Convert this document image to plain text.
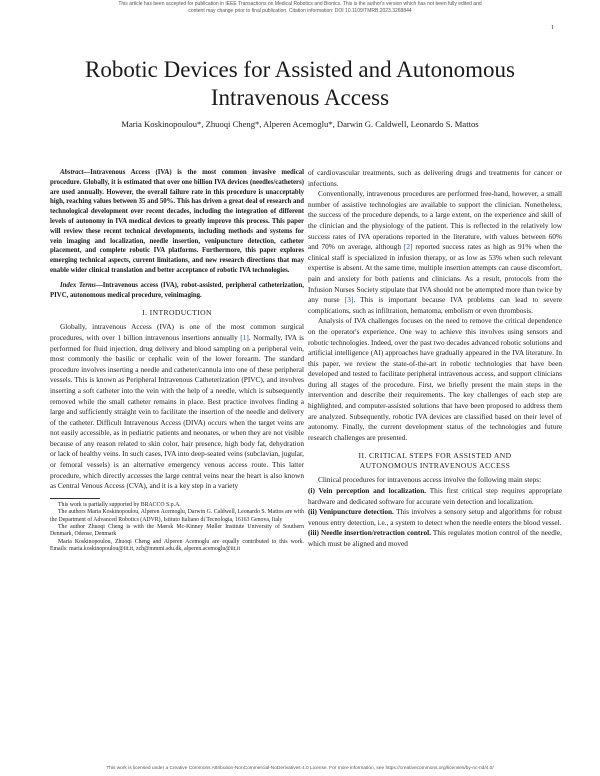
This article has been accepted for publication in IEEE Transactions on Medical Robotics and Bionics. This is the author's version which has not been fully edited and
content may change prior to final publication. Citation information: DOI 10.1109/TMRB.2023.3268844
1
Robotic Devices for Assisted and Autonomous
Intravenous Access
Maria Koskinopoulou*, Zhuoqi Cheng*, Alperen Acemoglu*, Darwin G. Caldwell, Leonardo S. Mattos

Abstract—Intravenous Access (IVA) is the most common invasive medical procedure. Globally, it is estimated that over one billion IVA devices (needles/catheters) are used annually. However, the overall failure rate in this procedure is unacceptably high, reaching values between 35 and 50%. This has driven a great deal of research and technological development over recent decades, including the integration of different levels of autonomy in IVA medical devices to greatly improve this process. This paper will review these recent technical developments, including methods and systems for vein imaging and localization, needle insertion, venipuncture detection, catheter placement, and complete robotic IVA platforms. Furthermore, this paper explores emerging technical aspects, current limitations, and new research directions that may enable wider clinical translation and better acceptance of robotic IVA technologies.

Index Terms—Intravenous access (IVA), robot-assisted, peripheral catheterization, PIVC, autonomous medical procedure, veinimaging.

I. INTRODUCTION

Globally, intravenous Access (IVA) is one of the most common surgical procedures, with over 1 billion intravenous insertions annually [1]. Normally, IVA is performed for fluid injection, drug delivery and blood sampling on a peripheral vein, most commonly the basilic or cephalic vein of the lower forearm. The standard procedure involves inserting a needle and catheter/cannula into one of these peripheral vessels. This is known as Peripheral Intravenous Catheterization (PIVC), and involves inserting a soft catheter into the vein with the help of a needle, which is subsequently removed while the small catheter remains in place. Best practice involves finding a large and sufficiently straight vein to facilitate the insertion of the needle and delivery of the catheter. Difficult Intravenous Access (DIVA) occurs when the target veins are not easily accessible, as in pediatric patients and neonates, or when they are not visible because of any reason related to skin color, hair presence, high body fat, dehydration or lack of healthy veins. In such cases, IVA into deep-seated veins (subclavian, jugular, or femoral vessels) is an alternative emergency venous access route. This latter procedure, which directly accesses the large central veins near the heart is also known as Central Venous Access (CVA), and it is a key step in a variety

This work is partially supported by BRACCO S.p.A.

The authors Maria Koskinopoulou, Alperen Acemoglu, Darwin G. Caldwell, Leonardo S. Mattos are with the Department of Advanced Robotics (ADVR), Istituto Italiano di Tecnologia, 16163 Genova, Italy

The author Zhuoqi Cheng is with the Mærsk Mc-Kinney Møller Institute University of Southern Denmark, Odense, Denmark

Maria Koskinopoulou, Zhuoqi Cheng and Alperen Acemoglu are equally contributed to this work. Emails: maria.koskinopoulou@iit.it, zch@mmmi.sdu.dk, alperen.acemoglu@iit.it

of cardiovascular treatments, such as delivering drugs and treatments for cancer or infections.

Conventionally, intravenous procedures are performed free-hand, however, a small number of assistive technologies are available to support the clinician. Nonetheless, the success of the procedure depends, to a large extent, on the experience and skill of the clinician and the physiology of the patient. This is reflected in the relatively low success rates of IVA operations reported in the literature, with values between 60% and 70% on average, although [2] reported success rates as high as 91% when the clinical staff is specialized in infusion therapy, or as low as 53% when such relevant expertise is absent. At the same time, multiple insertion attempts can cause discomfort, pain and anxiety for both patients and clinicians. As a result, protocols from the Infusion Nurses Society stipulate that IVA should not be attempted more than twice by any nurse [3]. This is important because IVA problems can lead to severe complications, such as infiltration, hematoma, embolism or even thrombosis.

Analysis of IVA challenges focuses on the need to remove the critical dependence on the operator's experience. One way to achieve this involves using sensors and robotic technologies. Indeed, over the past two decades advanced robotic solutions and artificial intelligence (AI) approaches have gradually appeared in the IVA literature. In this paper, we review the state-of-the-art in robotic technologies that have been developed and tested to facilitate peripheral intravenous access, and support clinicians during all stages of the procedure. First, we briefly present the main steps in the intervention and describe their requirements. The key challenges of each step are highlighted, and computer-assisted solutions that have been proposed to address them are analyzed. Subsequently, robotic IVA devices are classified based on their level of autonomy. Finally, the current development status of the technologies and future research challenges are presented.

II. CRITICAL STEPS FOR ASSISTED AND
AUTONOMOUS INTRAVENOUS ACCESS

Clinical procedures for intravenous access involve the following main steps:

(i) Vein perception and localization. This first critical step requires appropriate hardware and dedicated software for accurate vein detection and localization.

(ii) Venipuncture detection. This involves a sensory setup and algorithms for robust venous entry detection, i.e., a system to detect when the needle enters the blood vessel.

(iii) Needle insertion/retraction control. This regulates motion control of the needle, which must be aligned and moved

This work is licensed under a Creative Commons Attribution-NonCommercial-NoDerivatives 4.0 License. For more information, see https://creativecommons.org/licenses/by-nc-nd/4.0/
